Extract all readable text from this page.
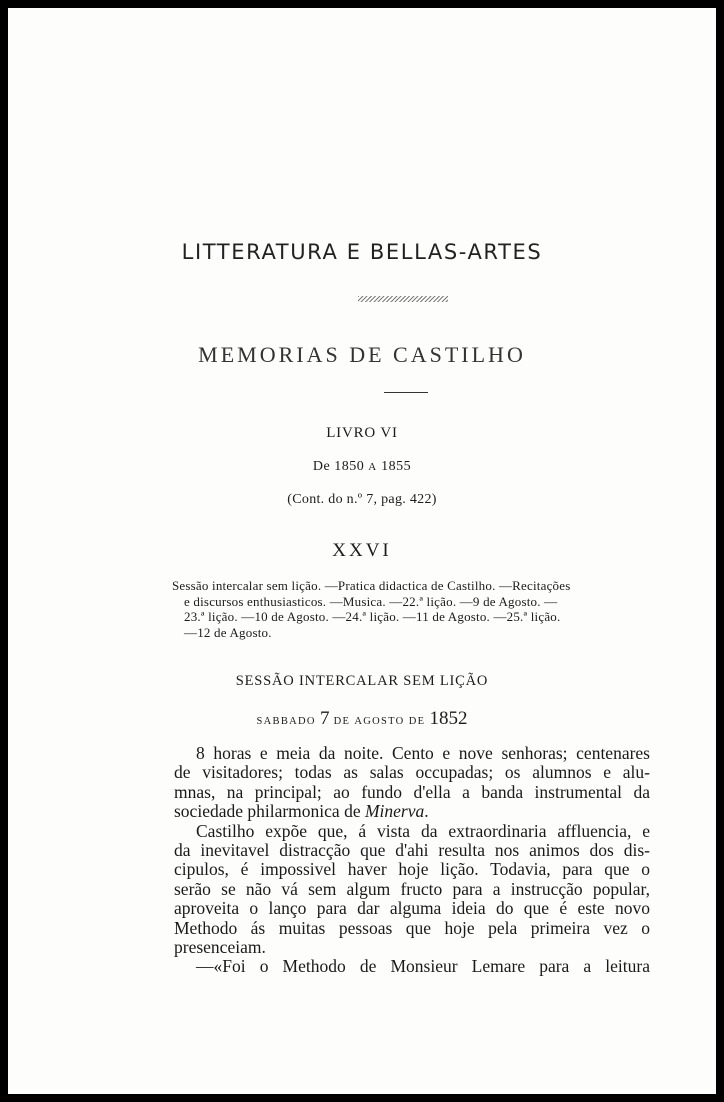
LITTERATURA E BELLAS-ARTES
MEMORIAS DE CASTILHO
LIVRO VI
De 1850 A 1855
(Cont. do n.º 7, pag. 422)
XXVI
Sessão intercalar sem lição. —Pratica didactica de Castilho. —Recitações
e discursos enthusiasticos. —Musica. —22.ª lição. —9 de Agosto. —
23.ª lição. —10 de Agosto. —24.ª lição. —11 de Agosto. —25.ª lição.
—12 de Agosto.
SESSÃO INTERCALAR SEM LIÇÃO
SABBADO 7 DE AGOSTO DE 1852
8 horas e meia da noite. Cento e nove senhoras; centenares
de visitadores; todas as salas occupadas; os alumnos e alu-
mnas, na principal; ao fundo d'ella a banda instrumental da
sociedade philarmonica de Minerva.
Castilho expõe que, á vista da extraordinaria affluencia, e
da inevitavel distracção que d'ahi resulta nos animos dos dis-
cipulos, é impossivel haver hoje lição. Todavia, para que o
serão se não vá sem algum fructo para a instrucção popular,
aproveita o lanço para dar alguma ideia do que é este novo
Methodo ás muitas pessoas que hoje pela primeira vez o
presenceiam.
—«Foi o Methodo de Monsieur Lemare para a leitura
